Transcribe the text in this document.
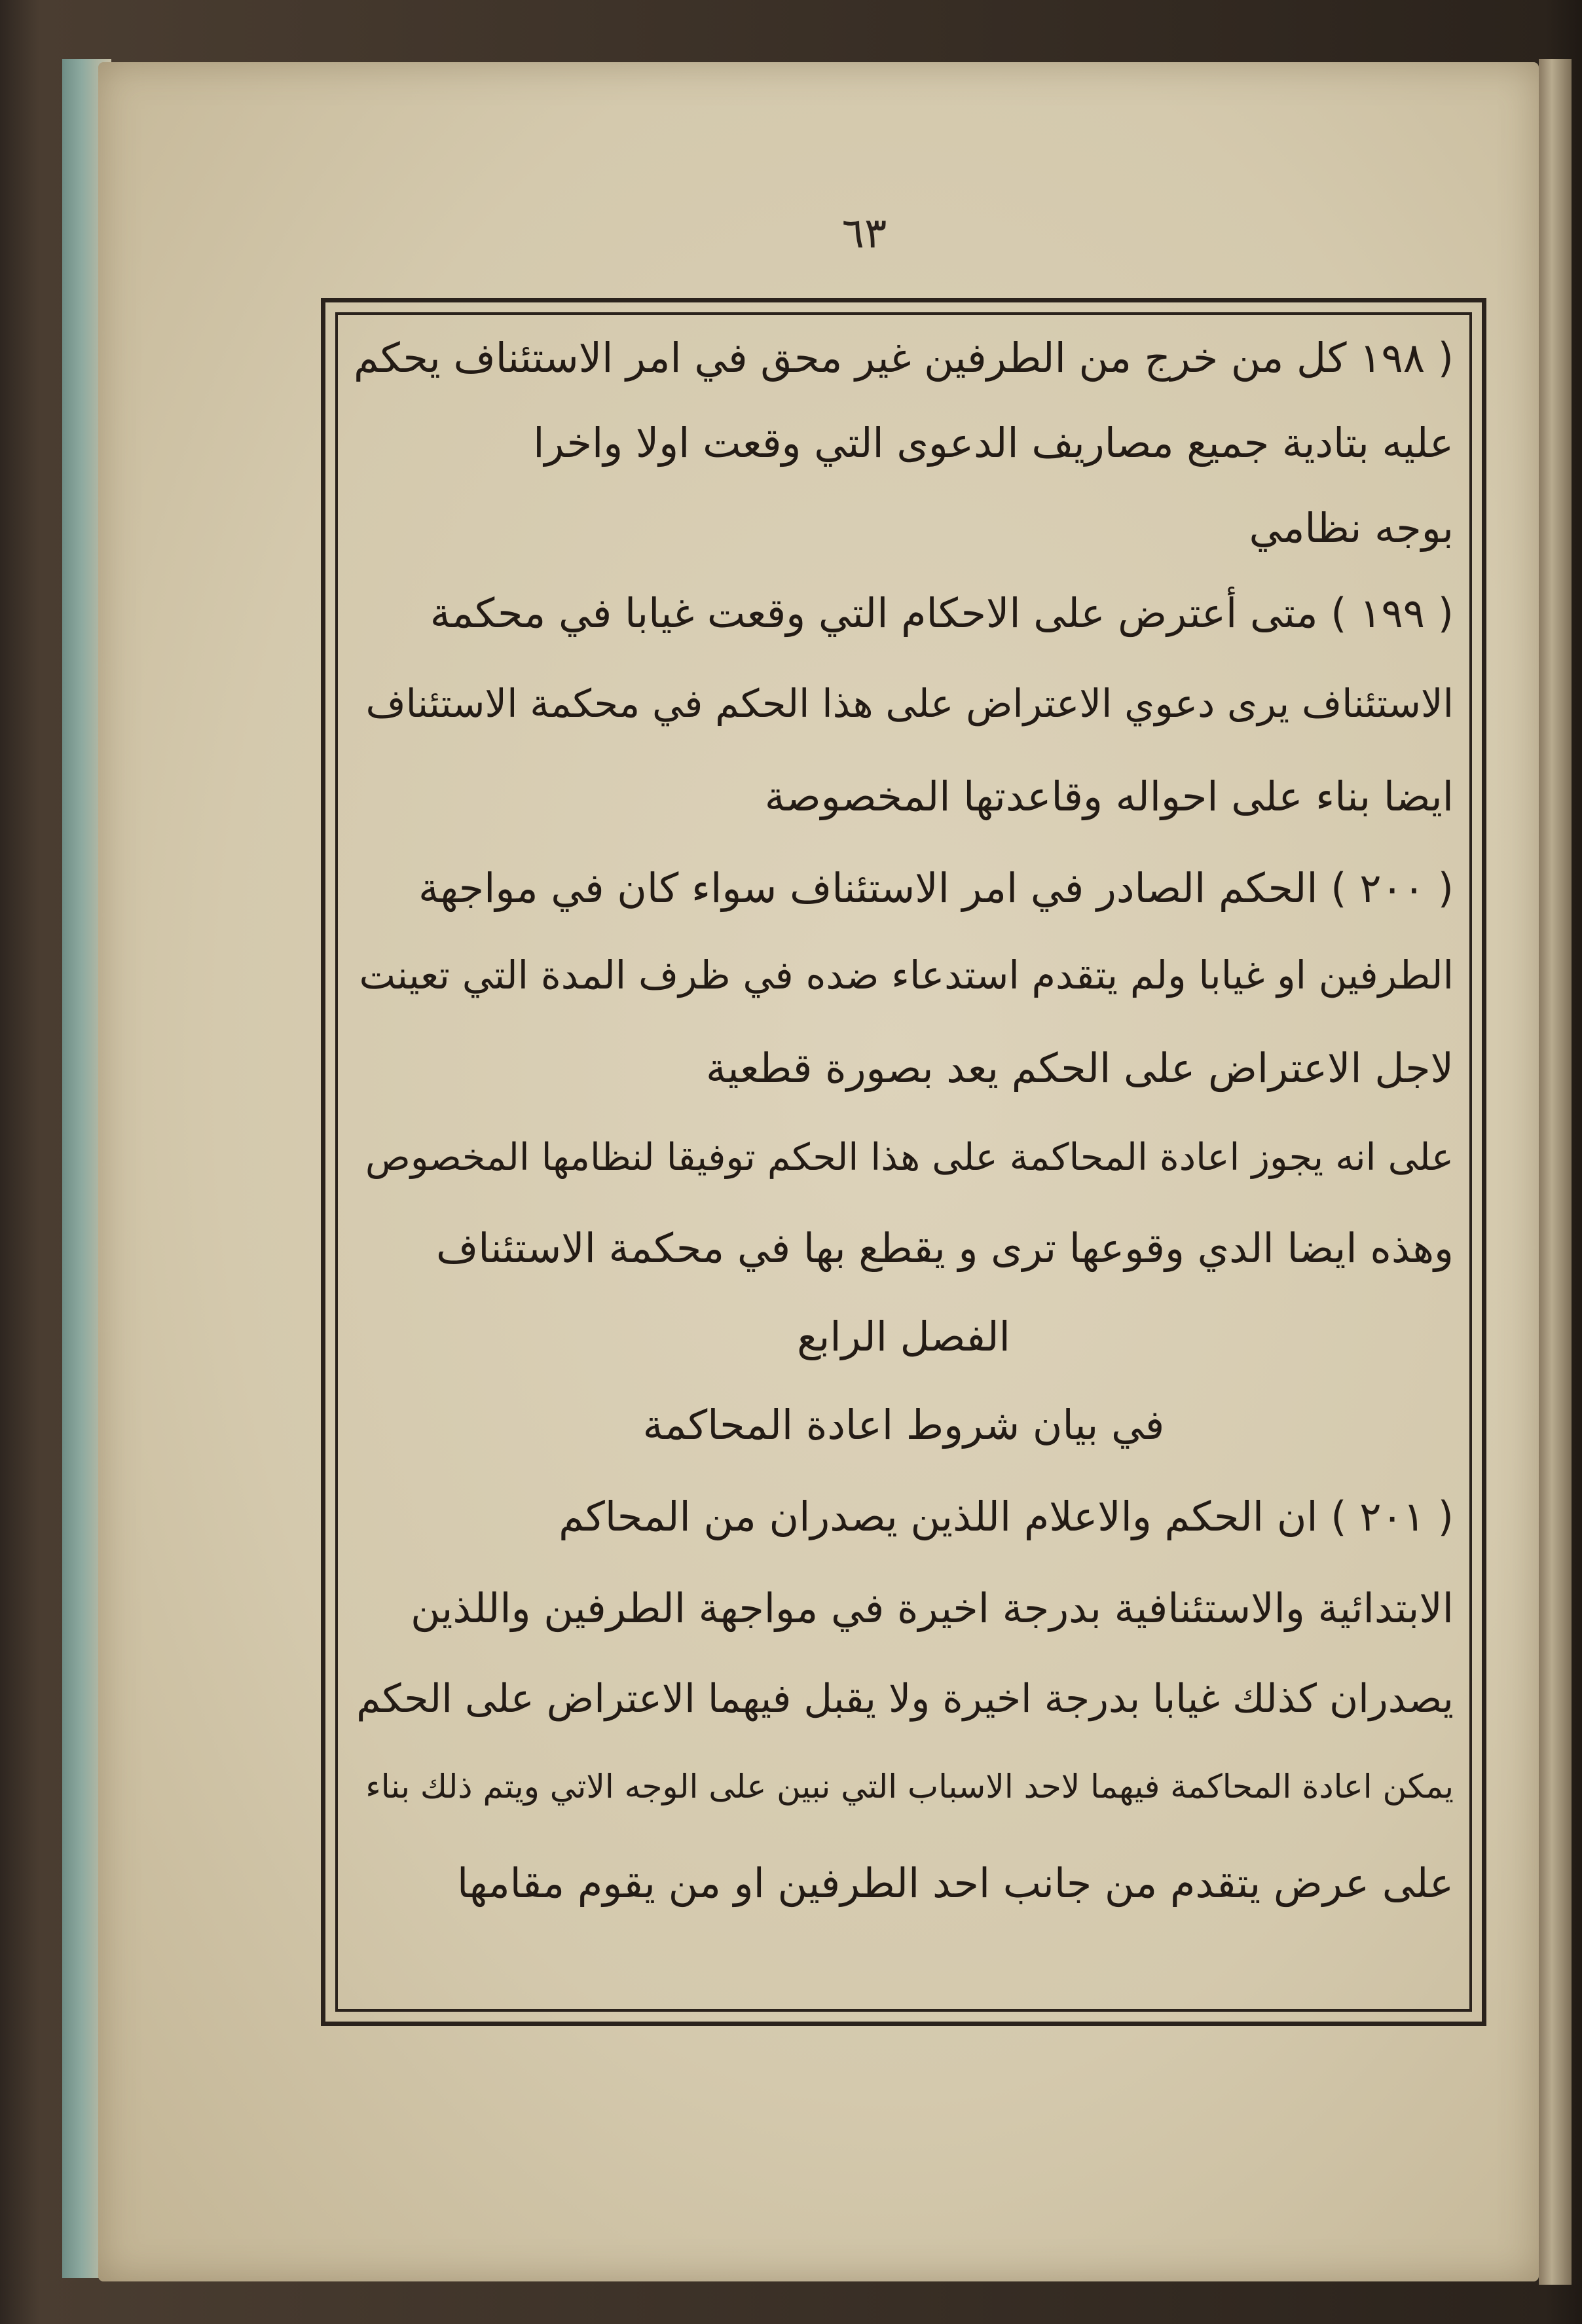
٦٣
( ١٩٨ كل من خرج من الطرفين غير محق في امر الاستئناف يحكم
عليه بتادية جميع مصاريف الدعوى التي وقعت اولا واخرا
بوجه نظامي
( ١٩٩ ) متى أعترض على الاحكام التي وقعت غيابا في محكمة
الاستئناف يرى دعوي الاعتراض على هذا الحكم في محكمة الاستئناف
ايضا بناء على احواله وقاعدتها المخصوصة
( ٢٠٠ ) الحكم الصادر في امر الاستئناف سواء كان في مواجهة
الطرفين او غيابا ولم يتقدم استدعاء ضده في ظرف المدة التي تعينت
لاجل الاعتراض على الحكم يعد بصورة قطعية
على انه يجوز اعادة المحاكمة على هذا الحكم توفيقا لنظامها المخصوص
وهذه ايضا الدي وقوعها ترى و يقطع بها في محكمة الاستئناف
الفصل الرابع
في بيان شروط اعادة المحاكمة
( ٢٠١ ) ان الحكم والاعلام اللذين يصدران من المحاكم
الابتدائية والاستئنافية بدرجة اخيرة في مواجهة الطرفين واللذين
يصدران كذلك غيابا بدرجة اخيرة ولا يقبل فيهما الاعتراض على الحكم
يمكن اعادة المحاكمة فيهما لاحد الاسباب التي نبين على الوجه الاتي ويتم ذلك بناء
على عرض يتقدم من جانب احد الطرفين او من يقوم مقامها
